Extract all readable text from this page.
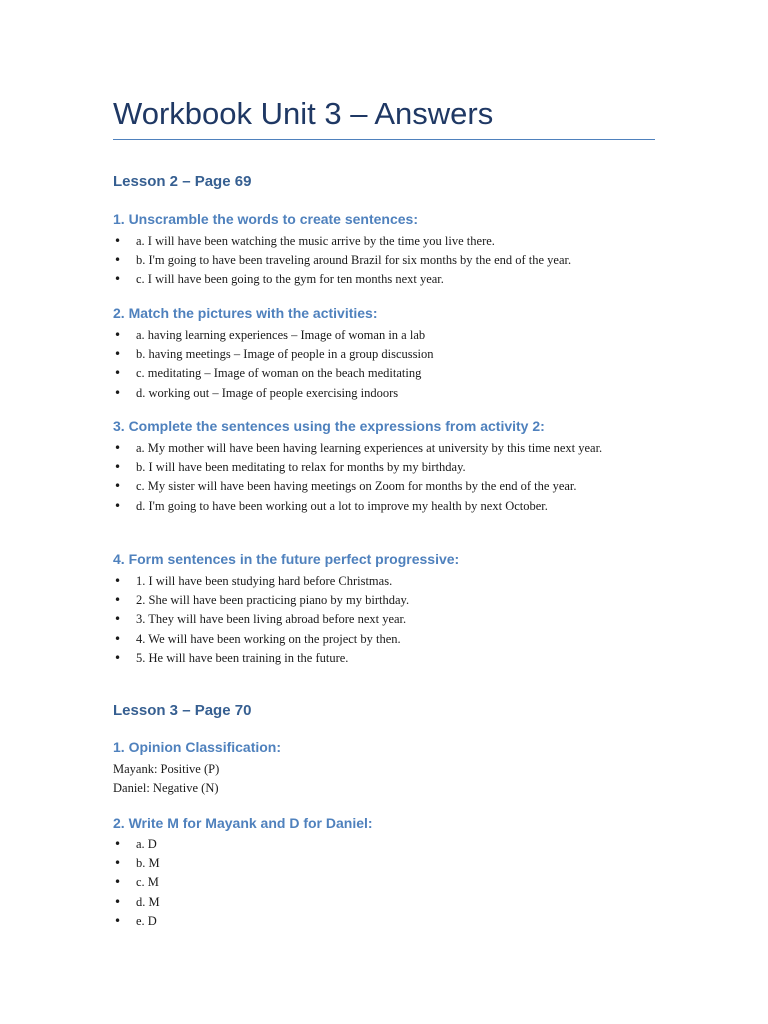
Workbook Unit 3 – Answers
Lesson 2 – Page 69
1. Unscramble the words to create sentences:
• a. I will have been watching the music arrive by the time you live there.
• b. I'm going to have been traveling around Brazil for six months by the end of the year.
• c. I will have been going to the gym for ten months next year.
2. Match the pictures with the activities:
• a. having learning experiences – Image of woman in a lab
• b. having meetings – Image of people in a group discussion
• c. meditating – Image of woman on the beach meditating
• d. working out – Image of people exercising indoors
3. Complete the sentences using the expressions from activity 2:
• a. My mother will have been having learning experiences at university by this time next year.
• b. I will have been meditating to relax for months by my birthday.
• c. My sister will have been having meetings on Zoom for months by the end of the year.
• d. I'm going to have been working out a lot to improve my health by next October.
4. Form sentences in the future perfect progressive:
• 1. I will have been studying hard before Christmas.
• 2. She will have been practicing piano by my birthday.
• 3. They will have been living abroad before next year.
• 4. We will have been working on the project by then.
• 5. He will have been training in the future.
Lesson 3 – Page 70
1. Opinion Classification:

Mayank: Positive (P)

Daniel: Negative (N)

2. Write M for Mayank and D for Daniel:
• a. D
• b. M
• c. M
• d. M
• e. D
